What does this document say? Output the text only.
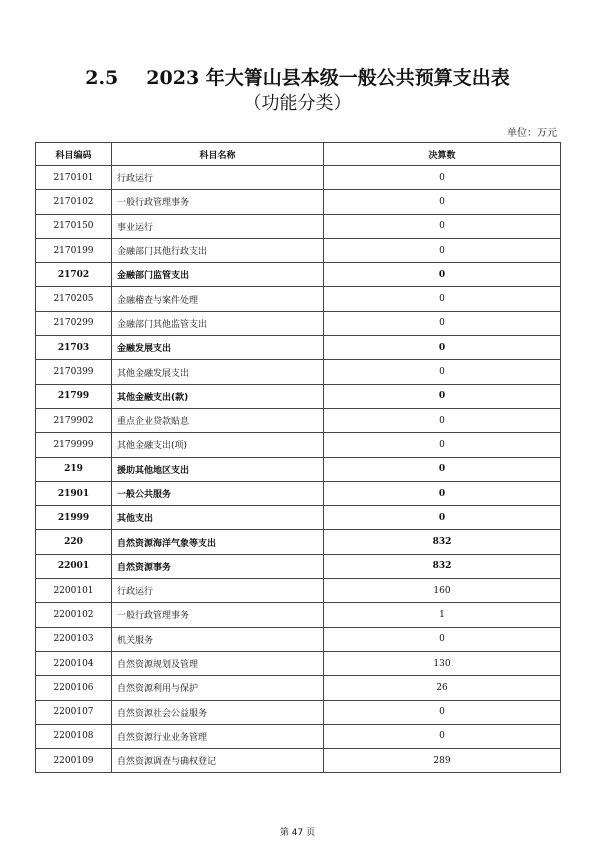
2.5 2023 年大箐山县本级一般公共预算支出表
（功能分类）
单位：万元
科目编码	科目名称	决算数
2170101	行政运行	0
2170102	一般行政管理事务	0
2170150	事业运行	0
2170199	金融部门其他行政支出	0
21702	金融部门监管支出	0
2170205	金融稽查与案件处理	0
2170299	金融部门其他监管支出	0
21703	金融发展支出	0
2170399	其他金融发展支出	0
21799	其他金融支出(款)	0
2179902	重点企业贷款贴息	0
2179999	其他金融支出(项)	0
219	援助其他地区支出	0
21901	一般公共服务	0
21999	其他支出	0
220	自然资源海洋气象等支出	832
22001	自然资源事务	832
2200101	行政运行	160
2200102	一般行政管理事务	1
2200103	机关服务	0
2200104	自然资源规划及管理	130
2200106	自然资源利用与保护	26
2200107	自然资源社会公益服务	0
2200108	自然资源行业业务管理	0
2200109	自然资源调查与确权登记	289
第 47 页
